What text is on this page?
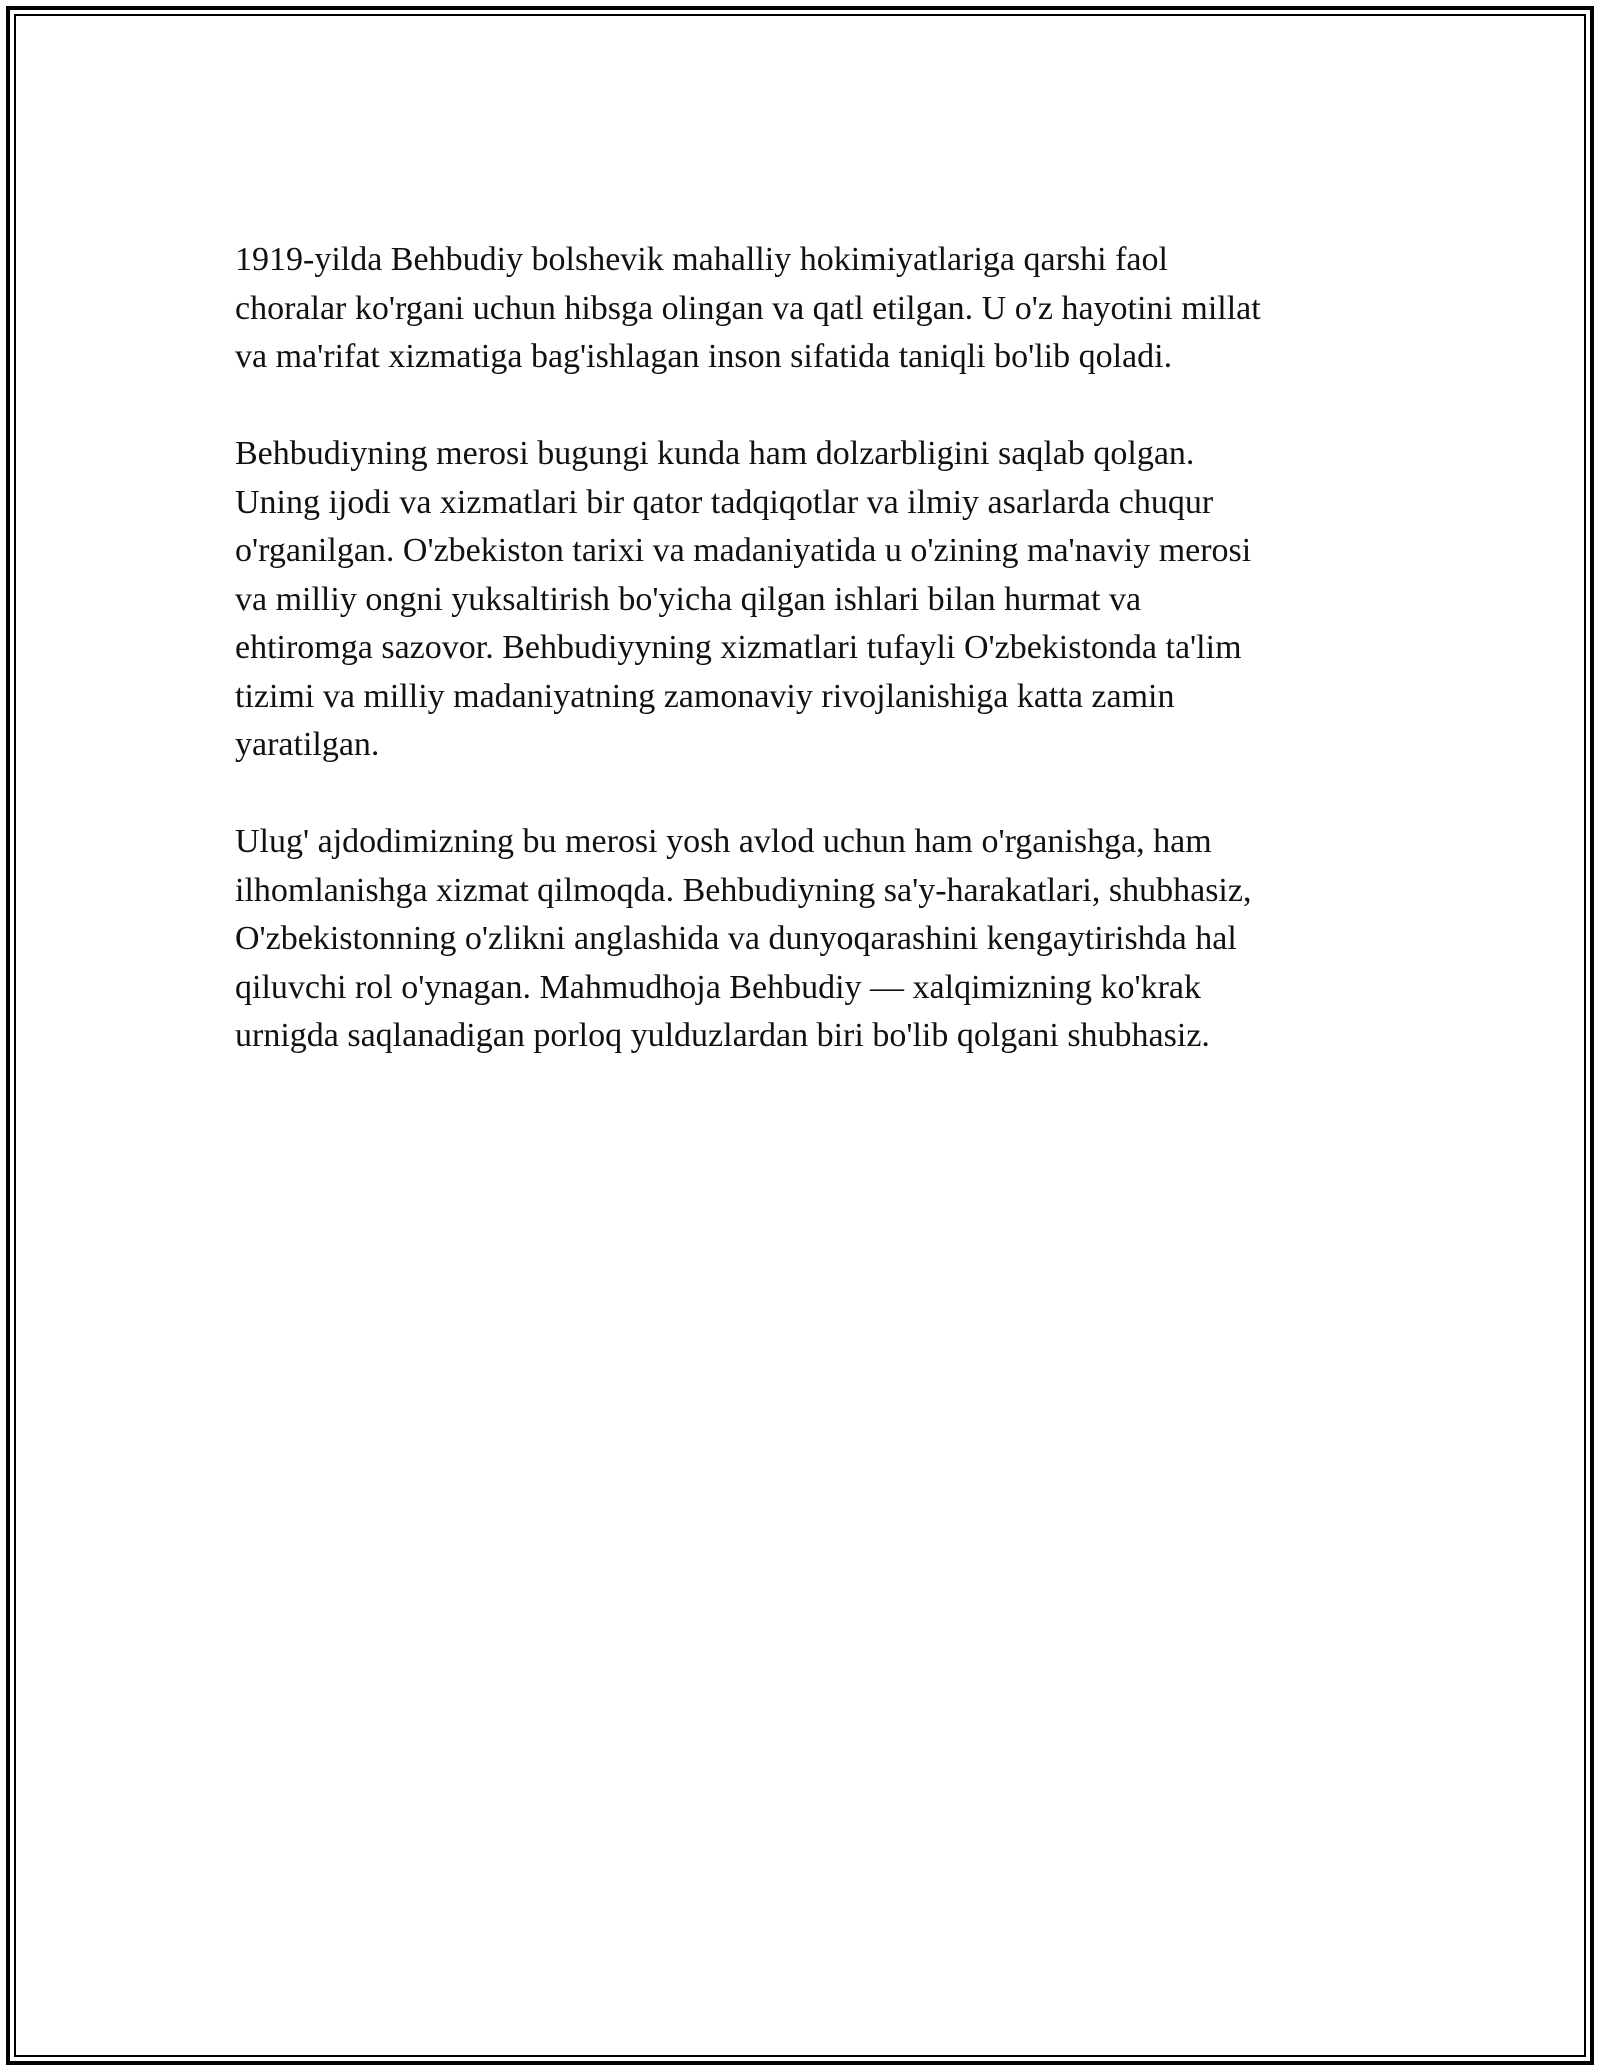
1919-yilda Behbudiy bolshevik mahalliy hokimiyatlariga qarshi faol
choralar ko'rgani uchun hibsga olingan va qatl etilgan. U o'z hayotini millat
va ma'rifat xizmatiga bag'ishlagan inson sifatida taniqli bo'lib qoladi.

Behbudiyning merosi bugungi kunda ham dolzarbligini saqlab qolgan.
Uning ijodi va xizmatlari bir qator tadqiqotlar va ilmiy asarlarda chuqur
o'rganilgan. O'zbekiston tarixi va madaniyatida u o'zining ma'naviy merosi
va milliy ongni yuksaltirish bo'yicha qilgan ishlari bilan hurmat va
ehtiromga sazovor. Behbudiyyning xizmatlari tufayli O'zbekistonda ta'lim
tizimi va milliy madaniyatning zamonaviy rivojlanishiga katta zamin
yaratilgan.

Ulug' ajdodimizning bu merosi yosh avlod uchun ham o'rganishga, ham
ilhomlanishga xizmat qilmoqda. Behbudiyning sa'y-harakatlari, shubhasiz,
O'zbekistonning o'zlikni anglashida va dunyoqarashini kengaytirishda hal
qiluvchi rol o'ynagan. Mahmudhoja Behbudiy — xalqimizning ko'krak
urnigda saqlanadigan porloq yulduzlardan biri bo'lib qolgani shubhasiz.
